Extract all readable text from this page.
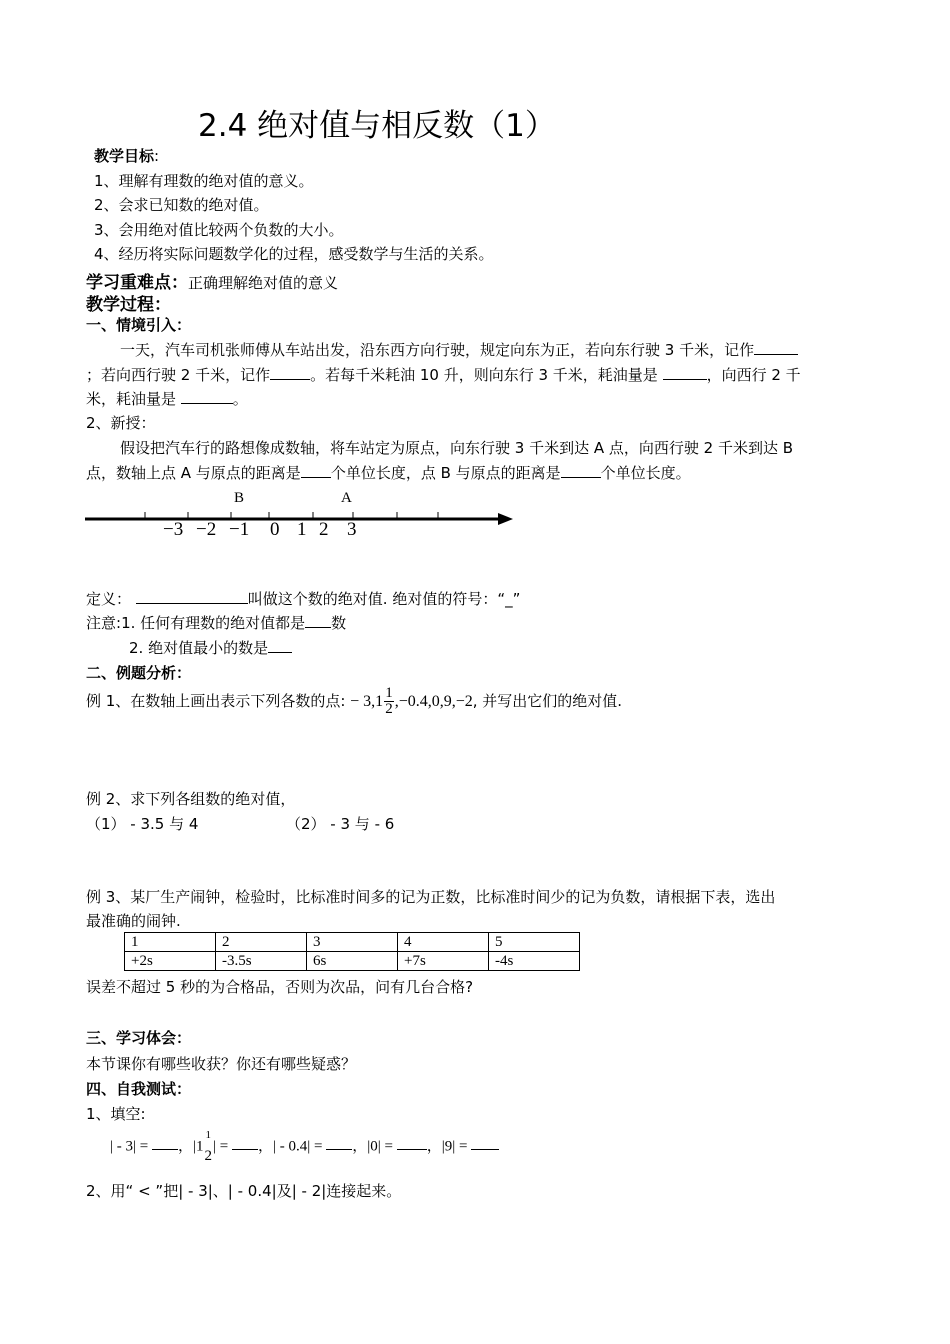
2.4 绝对值与相反数（1）
教学目标:
1、理解有理数的绝对值的意义。
2、会求已知数的绝对值。
3、会用绝对值比较两个负数的大小。
4、经历将实际问题数学化的过程，感受数学与生活的关系。
学习重难点：正确理解绝对值的意义
教学过程：
一、情境引入：
一天，汽车司机张师傅从车站出发，沿东西方向行驶，规定向东为正，若向东行驶 3 千米，记作
；若向西行驶 2 千米，记作	。若每千米耗油 10 升，则向东行 3 千米，耗油量是	，向西行 2 千
米，耗油量是	。
2、新授：
假设把汽车行的路想像成数轴，将车站定为原点，向东行驶 3 千米到达 A 点，向西行驶 2 千米到达 B
点，数轴上点 A 与原点的距离是 个单位长度，点 B 与原点的距离是	个单位长度。
B	A
−3 −2 −1 0 1 2 3
定义：	叫做这个数的绝对值. 绝对值的符号：“_”
注意:1. 任何有理数的绝对值都是 数
2. 绝对值最小的数是
二、例题分析：
例 1、在数轴上画出表示下列各数的点: − $3,1 \frac{1}{2} ,-0.4,0,9,-2$, 并写出它们的绝对值.
例 2、求下列各组数的绝对值，
（1） - 3.5 与 4	（2） - 3 与 - 6
例 3、某厂生产闹钟，检验时，比标准时间多的记为正数，比标准时间少的记为负数，请根据下表，选出
最准确的闹钟.
1	2	3	4	5
+2s	-3.5s	6s	+7s	-4s
误差不超过 5 秒的为合格品，否则为次品，问有几台合格?
三、学习体会：
本节课你有哪些收获？你还有哪些疑惑？
四、自我测试：
1、填空:
| - 3| = ，|1
1
2
| = ，| - 0.4| = ，|0| = ，|9| =
2、用“ < ”把| - 3|、| - 0.4|及| - 2|连接起来。
